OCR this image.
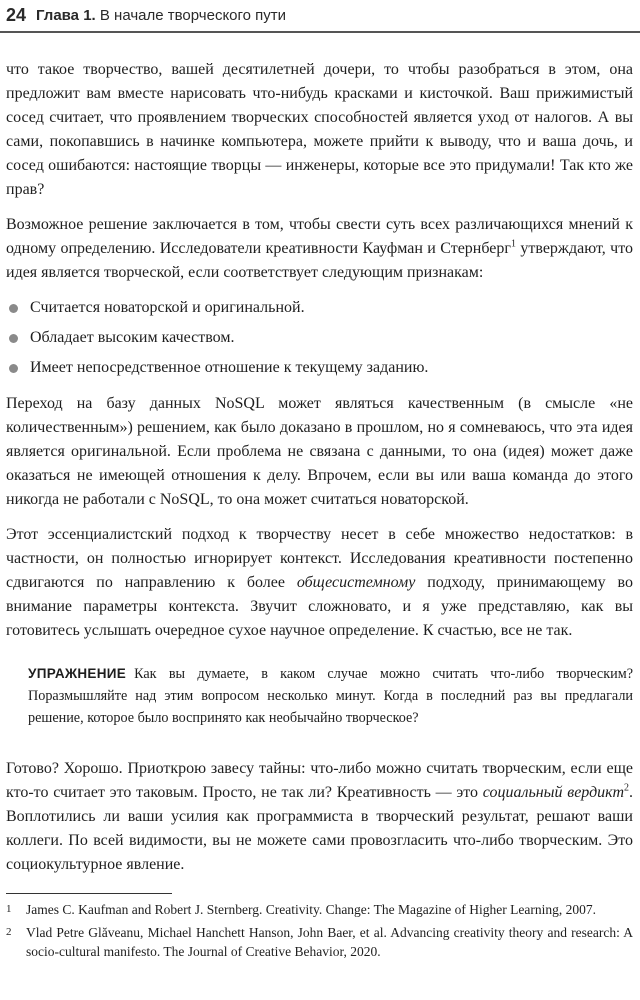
24 Глава 1. В начале творческого пути

что такое творчество, вашей десятилетней дочери, то чтобы разобраться в этом, она предложит вам вместе нарисовать что-нибудь красками и кисточкой. Ваш прижимистый сосед считает, что проявлением творческих способностей является уход от налогов. А вы сами, покопавшись в начинке компьютера, можете прийти к выводу, что и ваша дочь, и сосед ошибаются: настоящие творцы — инженеры, которые все это придумали! Так кто же прав?

Возможное решение заключается в том, чтобы свести суть всех различающихся мнений к одному определению. Исследователи креативности Кауфман и Стернберг$^1$ утверждают, что идея является творческой, если соответствует следующим признакам:

Считается новаторской и оригинальной.
Обладает высоким качеством.
Имеет непосредственное отношение к текущему заданию.

Переход на базу данных NoSQL может являться качественным (в смысле «не количественным») решением, как было доказано в прошлом, но я сомневаюсь, что эта идея является оригинальной. Если проблема не связана с данными, то она (идея) может даже оказаться не имеющей отношения к делу. Впрочем, если вы или ваша команда до этого никогда не работали с NoSQL, то она может считаться новаторской.

Этот эссенциалистский подход к творчеству несет в себе множество недостатков: в частности, он полностью игнорирует контекст. Исследования креативности постепенно сдвигаются по направлению к более общесистемному подходу, принимающему во внимание параметры контекста. Звучит сложновато, и я уже представляю, как вы готовитесь услышать очередное сухое научное определение. К счастью, все не так.

УПРАЖНЕНИЕ Как вы думаете, в каком случае можно считать что-либо творческим? Поразмышляйте над этим вопросом несколько минут. Когда в последний раз вы предлагали решение, которое было воспринято как необычайно творческое?

Готово? Хорошо. Приоткрою завесу тайны: что-либо можно считать творческим, если еще кто-то считает это таковым. Просто, не так ли? Креативность — это социальный вердикт$^2$. Воплотились ли ваши усилия как программиста в творческий результат, решают ваши коллеги. По всей видимости, вы не можете сами провозгласить что-либо творческим. Это социокультурное явление.

1	James C. Kaufman and Robert J. Sternberg. Creativity. Change: The Magazine of Higher Learning, 2007.
2	Vlad Petre Glăveanu, Michael Hanchett Hanson, John Baer, et al. Advancing creativity theory and research: A socio-cultural manifesto. The Journal of Creative Behavior, 2020.
